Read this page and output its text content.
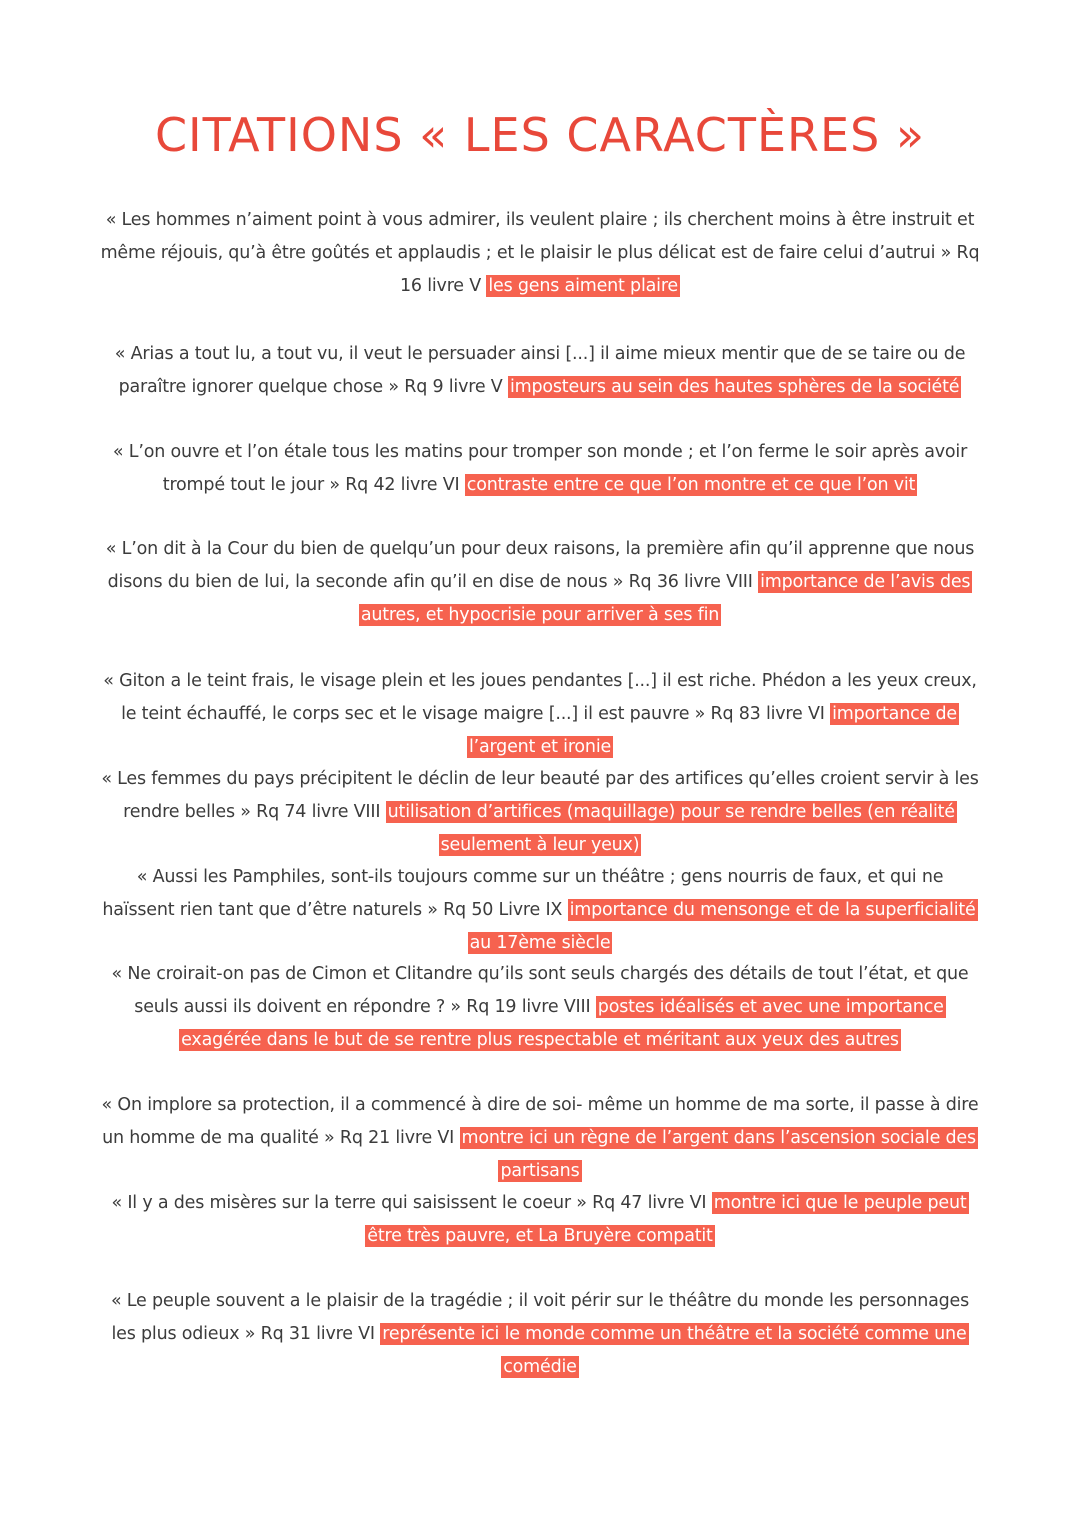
CITATIONS « LES CARACTÈRES »

« Les hommes n’aiment point à vous admirer, ils veulent plaire ; ils cherchent moins à être instruit et même réjouis, qu’à être goûtés et applaudis ; et le plaisir le plus délicat est de faire celui d’autrui » Rq 16 livre V les gens aiment plaire

« Arias a tout lu, a tout vu, il veut le persuader ainsi [...] il aime mieux mentir que de se taire ou de paraître ignorer quelque chose » Rq 9 livre V imposteurs au sein des hautes sphères de la société

« L’on ouvre et l’on étale tous les matins pour tromper son monde ; et l’on ferme le soir après avoir trompé tout le jour » Rq 42 livre VI contraste entre ce que l’on montre et ce que l’on vit

« L’on dit à la Cour du bien de quelqu’un pour deux raisons, la première afin qu’il apprenne que nous disons du bien de lui, la seconde afin qu’il en dise de nous » Rq 36 livre VIII importance de l’avis des autres, et hypocrisie pour arriver à ses fin

« Giton a le teint frais, le visage plein et les joues pendantes [...] il est riche. Phédon a les yeux creux, le teint échauffé, le corps sec et le visage maigre [...] il est pauvre » Rq 83 livre VI importance de l’argent et ironie

« Les femmes du pays précipitent le déclin de leur beauté par des artifices qu’elles croient servir à les rendre belles » Rq 74 livre VIII utilisation d’artifices (maquillage) pour se rendre belles (en réalité seulement à leur yeux)

« Aussi les Pamphiles, sont-ils toujours comme sur un théâtre ; gens nourris de faux, et qui ne haïssent rien tant que d’être naturels » Rq 50 Livre IX importance du mensonge et de la superficialité au 17ème siècle

« Ne croirait-on pas de Cimon et Clitandre qu’ils sont seuls chargés des détails de tout l’état, et que seuls aussi ils doivent en répondre ? » Rq 19 livre VIII postes idéalisés et avec une importance exagérée dans le but de se rentre plus respectable et méritant aux yeux des autres

« On implore sa protection, il a commencé à dire de soi- même un homme de ma sorte, il passe à dire un homme de ma qualité » Rq 21 livre VI montre ici un règne de l’argent dans l’ascension sociale des partisans

« Il y a des misères sur la terre qui saisissent le coeur » Rq 47 livre VI montre ici que le peuple peut être très pauvre, et La Bruyère compatit

« Le peuple souvent a le plaisir de la tragédie ; il voit périr sur le théâtre du monde les personnages les plus odieux » Rq 31 livre VI représente ici le monde comme un théâtre et la société comme une comédie
